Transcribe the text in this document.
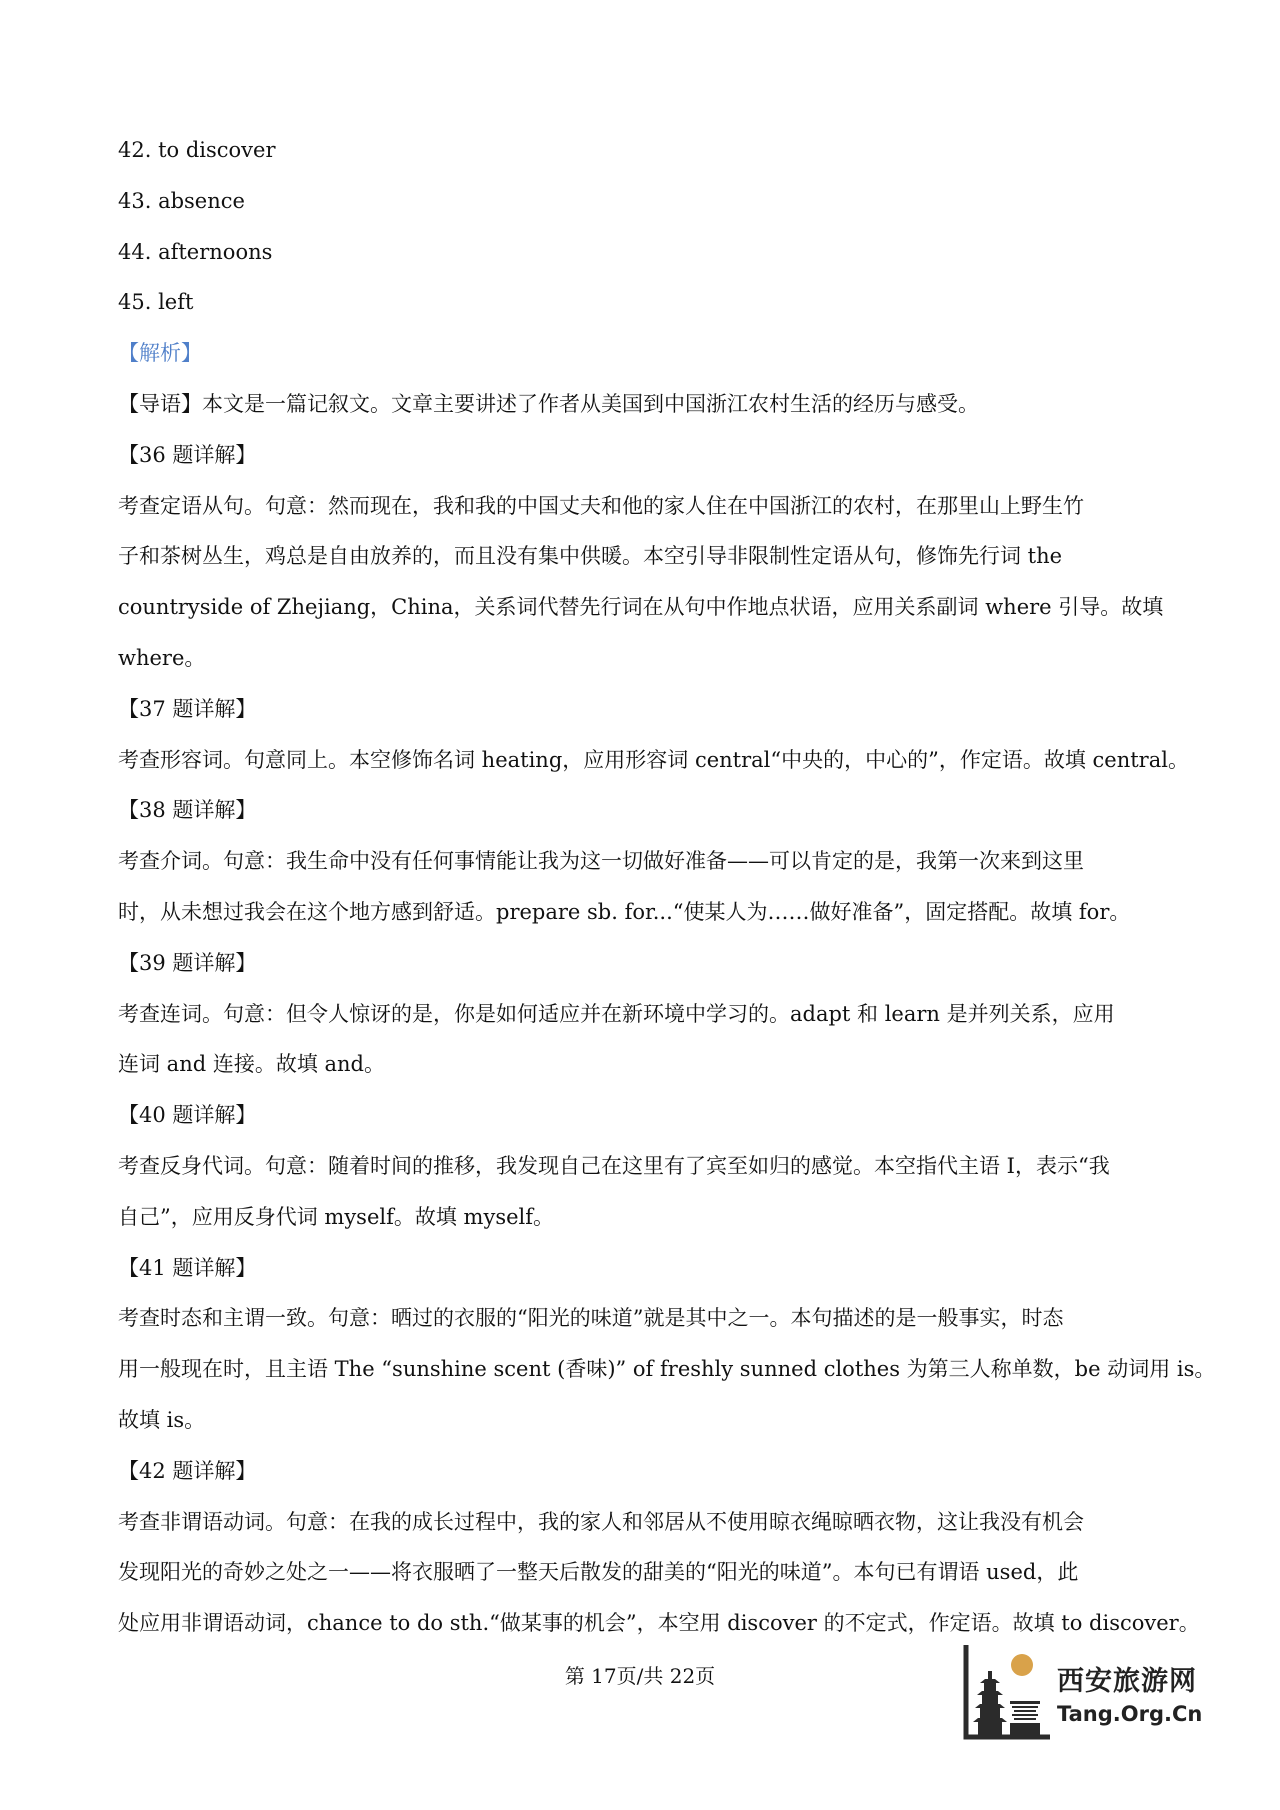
42. to discover

43. absence

44. afternoons

45. left

【解析】

【导语】本文是一篇记叙文。文章主要讲述了作者从美国到中国浙江农村生活的经历与感受。

【36 题详解】

考查定语从句。句意：然而现在，我和我的中国丈夫和他的家人住在中国浙江的农村，在那里山上野生竹

子和茶树丛生，鸡总是自由放养的，而且没有集中供暖。本空引导非限制性定语从句，修饰先行词 the

countryside of Zhejiang，China，关系词代替先行词在从句中作地点状语，应用关系副词 where 引导。故填

where。

【37 题详解】

考查形容词。句意同上。本空修饰名词 heating，应用形容词 central“中央的，中心的”，作定语。故填 central。

【38 题详解】

考查介词。句意：我生命中没有任何事情能让我为这一切做好准备——可以肯定的是，我第一次来到这里

时，从未想过我会在这个地方感到舒适。prepare sb. for...“使某人为……做好准备”，固定搭配。故填 for。

【39 题详解】

考查连词。句意：但令人惊讶的是，你是如何适应并在新环境中学习的。adapt 和 learn 是并列关系，应用

连词 and 连接。故填 and。

【40 题详解】

考查反身代词。句意：随着时间的推移，我发现自己在这里有了宾至如归的感觉。本空指代主语 I，表示“我

自己”，应用反身代词 myself。故填 myself。

【41 题详解】

考查时态和主谓一致。句意：晒过的衣服的“阳光的味道”就是其中之一。本句描述的是一般事实，时态

用一般现在时，且主语 The “sunshine scent (香味)” of freshly sunned clothes 为第三人称单数，be 动词用 is。

故填 is。

【42 题详解】

考查非谓语动词。句意：在我的成长过程中，我的家人和邻居从不使用晾衣绳晾晒衣物，这让我没有机会

发现阳光的奇妙之处之一——将衣服晒了一整天后散发的甜美的“阳光的味道”。本句已有谓语 used，此

处应用非谓语动词，chance to do sth.“做某事的机会”，本空用 discover 的不定式，作定语。故填 to discover。

第 17页/共 22页	西安旅游网
Tang.Org.Cn
